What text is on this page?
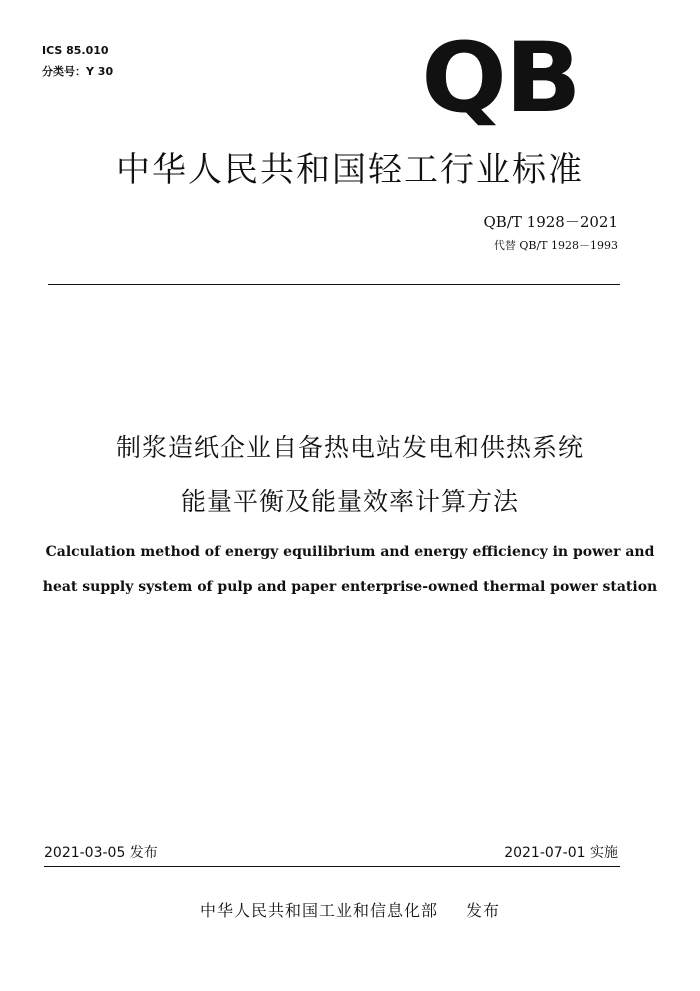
ICS 85.010
分类号：Y 30	QB
中华人民共和国轻工行业标准
QB/T 1928－2021
代替 QB/T 1928－1993
制浆造纸企业自备热电站发电和供热系统
能量平衡及能量效率计算方法
Calculation method of energy equilibrium and energy efficiency in power and
heat supply system of pulp and paper enterprise-owned thermal power station
2021-03-05 发布	2021-07-01 实施
中华人民共和国工业和信息化部 发布
